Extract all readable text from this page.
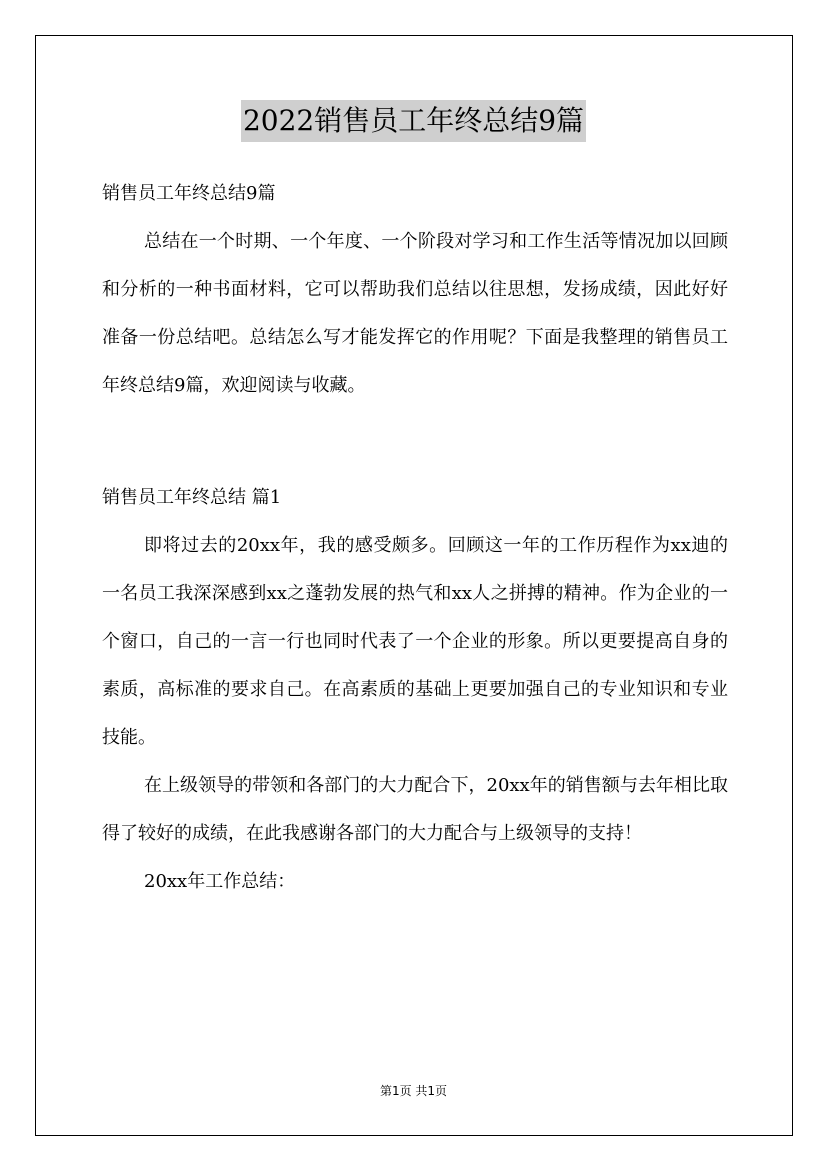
2022销售员工年终总结9篇

销售员工年终总结9篇

总结在一个时期、一个年度、一个阶段对学习和工作生活等情况加以回顾和分析的一种书面材料，它可以帮助我们总结以往思想，发扬成绩，因此好好准备一份总结吧。总结怎么写才能发挥它的作用呢？下面是我整理的销售员工年终总结9篇，欢迎阅读与收藏。

销售员工年终总结 篇1

即将过去的20xx年，我的感受颇多。回顾这一年的工作历程作为xx迪的一名员工我深深感到xx之蓬勃发展的热气和xx人之拼搏的精神。作为企业的一个窗口，自己的一言一行也同时代表了一个企业的形象。所以更要提高自身的素质，高标准的要求自己。在高素质的基础上更要加强自己的专业知识和专业技能。

在上级领导的带领和各部门的大力配合下，20xx年的销售额与去年相比取得了较好的成绩，在此我感谢各部门的大力配合与上级领导的支持！

20xx年工作总结：

第1页 共1页
